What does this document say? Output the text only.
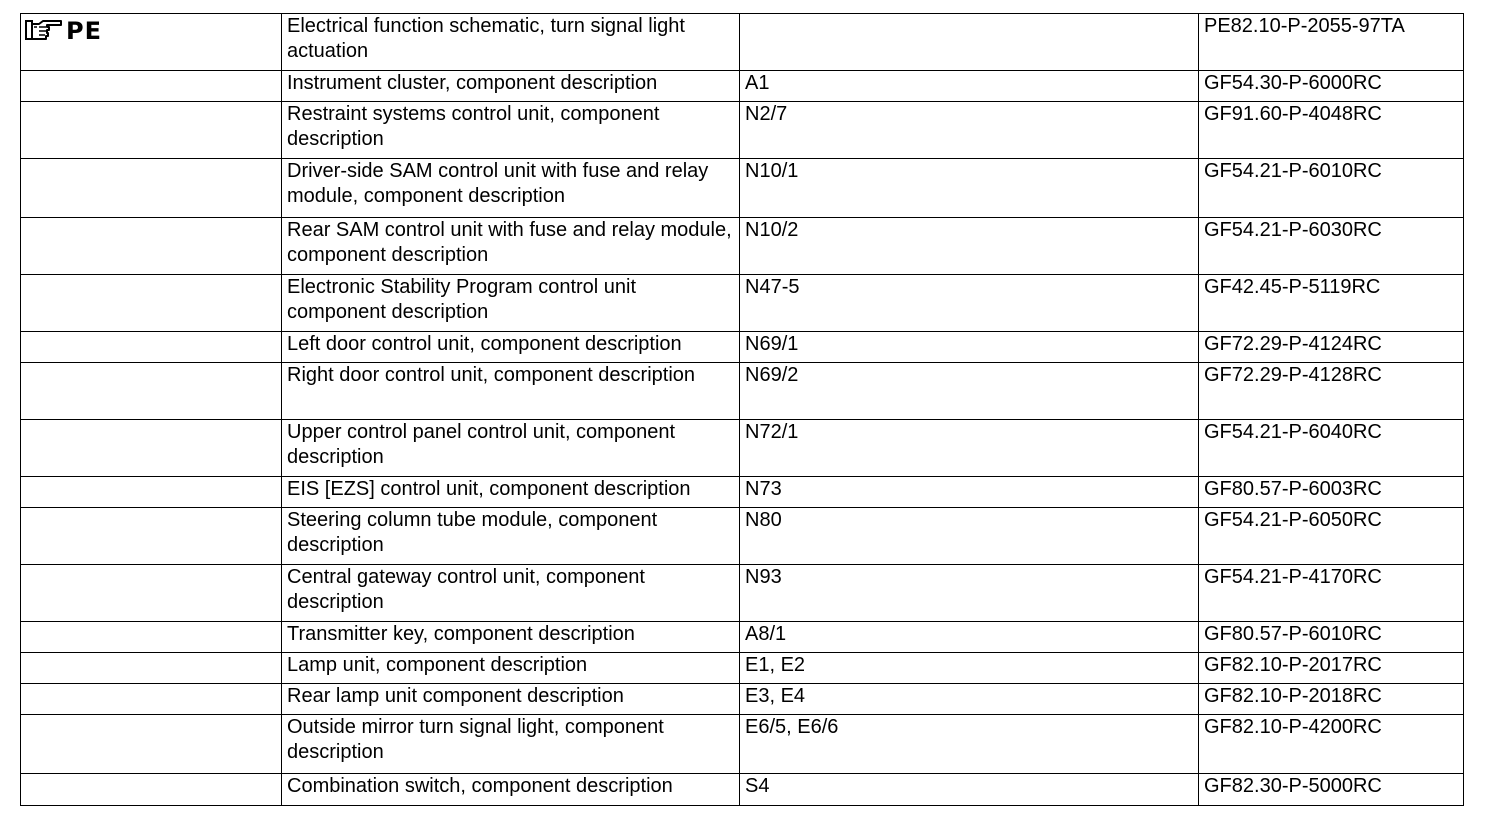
PE	Electrical function schematic, turn signal light actuation		PE82.10-P-2055-97TA
	Instrument cluster, component description	A1	GF54.30-P-6000RC
	Restraint systems control unit, component description	N2/7	GF91.60-P-4048RC
	Driver-side SAM control unit with fuse and relay module, component description	N10/1	GF54.21-P-6010RC
	Rear SAM control unit with fuse and relay module, component description	N10/2	GF54.21-P-6030RC
	Electronic Stability Program control unit component description	N47-5	GF42.45-P-5119RC
	Left door control unit, component description	N69/1	GF72.29-P-4124RC
	Right door control unit, component description	N69/2	GF72.29-P-4128RC
	Upper control panel control unit, component description	N72/1	GF54.21-P-6040RC
	EIS [EZS] control unit, component description	N73	GF80.57-P-6003RC
	Steering column tube module, component description	N80	GF54.21-P-6050RC
	Central gateway control unit, component description	N93	GF54.21-P-4170RC
	Transmitter key, component description	A8/1	GF80.57-P-6010RC
	Lamp unit, component description	E1, E2	GF82.10-P-2017RC
	Rear lamp unit component description	E3, E4	GF82.10-P-2018RC
	Outside mirror turn signal light, component description	E6/5, E6/6	GF82.10-P-4200RC
	Combination switch, component description	S4	GF82.30-P-5000RC
